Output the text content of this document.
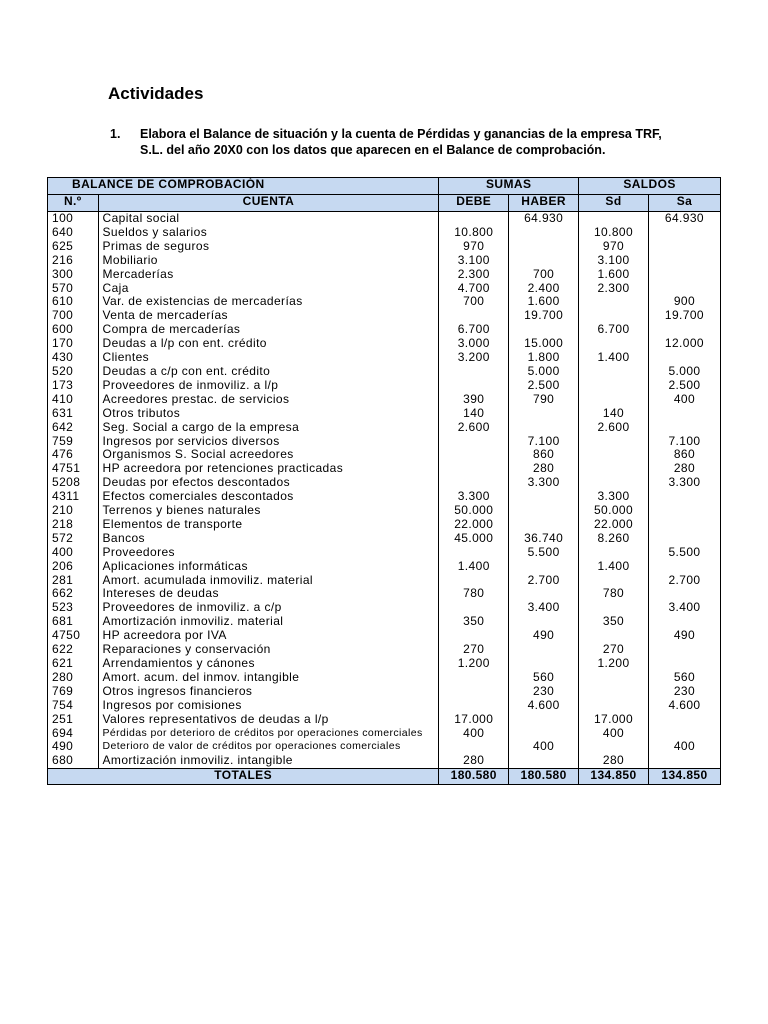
Actividades
1. Elabora el Balance de situación y la cuenta de Pérdidas y ganancias de la empresa TRF, S.L. del año 20X0 con los datos que aparecen en el Balance de comprobación.
BALANCE DE COMPROBACIÓN		SUMAS		SALDOS	
N.º	CUENTA	DEBE	HABER	Sd	Sa
100	Capital social		64.930		64.930
640	Sueldos y salarios	10.800		10.800	
625	Primas de seguros	970		970	
216	Mobiliario	3.100		3.100	
300	Mercaderías	2.300	700	1.600	
570	Caja	4.700	2.400	2.300	
610	Var. de existencias de mercaderías	700	1.600		900
700	Venta de mercaderías		19.700		19.700
600	Compra de mercaderías	6.700		6.700	
170	Deudas a l/p con ent. crédito	3.000	15.000		12.000
430	Clientes	3.200	1.800	1.400	
520	Deudas a c/p con ent. crédito		5.000		5.000
173	Proveedores de inmoviliz. a l/p		2.500		2.500
410	Acreedores prestac. de servicios	390	790		400
631	Otros tributos	140		140	
642	Seg. Social a cargo de la empresa	2.600		2.600	
759	Ingresos por servicios diversos		7.100		7.100
476	Organismos S. Social acreedores		860		860
4751	HP acreedora por retenciones practicadas		280		280
5208	Deudas por efectos descontados		3.300		3.300
4311	Efectos comerciales descontados	3.300		3.300	
210	Terrenos y bienes naturales	50.000		50.000	
218	Elementos de transporte	22.000		22.000	
572	Bancos	45.000	36.740	8.260	
400	Proveedores		5.500		5.500
206	Aplicaciones informáticas	1.400		1.400	
281	Amort. acumulada inmoviliz. material		2.700		2.700
662	Intereses de deudas	780		780	
523	Proveedores de inmoviliz. a c/p		3.400		3.400
681	Amortización inmoviliz. material	350		350	
4750	HP acreedora por IVA		490		490
622	Reparaciones y conservación	270		270	
621	Arrendamientos y cánones	1.200		1.200	
280	Amort. acum. del inmov. intangible		560		560
769	Otros ingresos financieros		230		230
754	Ingresos por comisiones		4.600		4.600
251	Valores representativos de deudas a l/p	17.000		17.000	
694	Pérdidas por deterioro de créditos por operaciones comerciales	400		400	
490	Deterioro de valor de créditos por operaciones comerciales		400		400
680	Amortización inmoviliz. intangible	280		280	
TOTALES		180.580	180.580	134.850	134.850
